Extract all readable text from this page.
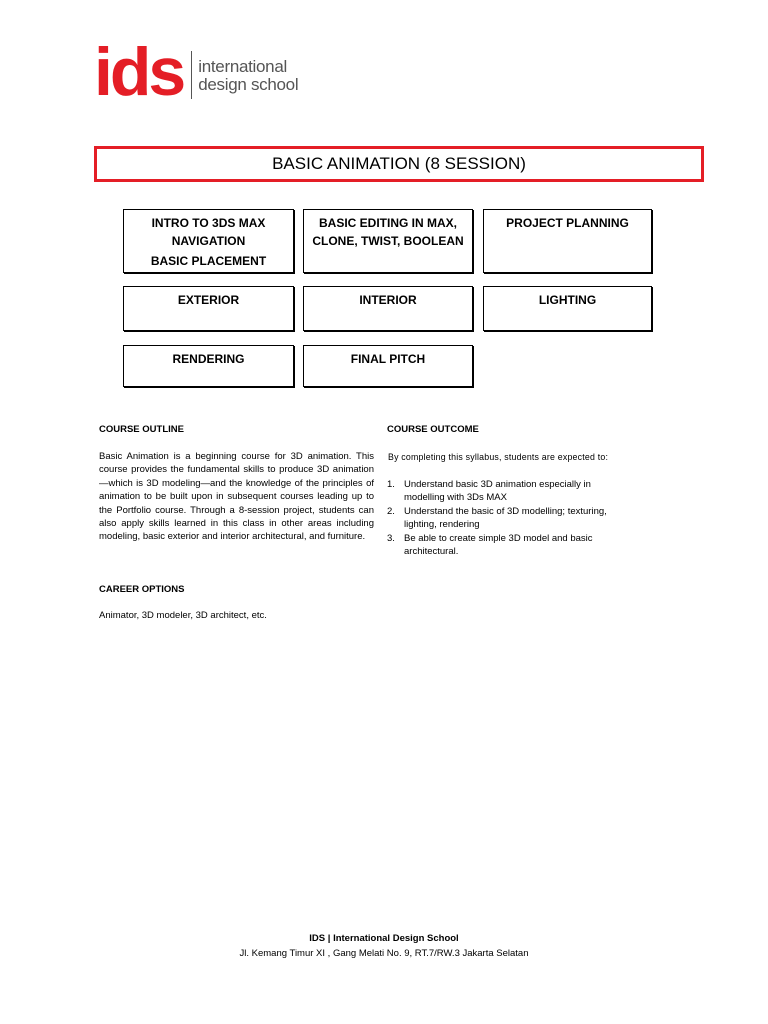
ids international
design school
BASIC ANIMATION (8 SESSION)
INTRO TO 3DS MAX
NAVIGATION
BASIC PLACEMENT
BASIC EDITING IN MAX,
CLONE, TWIST, BOOLEAN
PROJECT PLANNING
EXTERIOR	INTERIOR	LIGHTING
RENDERING	FINAL PITCH
COURSE OUTLINE
Basic Animation is a beginning course for 3D animation. This course provides the fundamental skills to produce 3D animation—which is 3D modeling—and the knowledge of the principles of animation to be built upon in subsequent courses leading up to the Portfolio course. Through a 8-session project, students can also apply skills learned in this class in other areas including modeling, basic exterior and interior architectural, and furniture.
COURSE OUTCOME
By completing this syllabus, students are expected to:
1. Understand basic 3D animation especially in modelling with 3Ds MAX
2. Understand the basic of 3D modelling; texturing, lighting, rendering
3. Be able to create simple 3D model and basic architectural.
CAREER OPTIONS
Animator, 3D modeler, 3D architect, etc.
IDS | International Design School
Jl. Kemang Timur XI , Gang Melati No. 9, RT.7/RW.3 Jakarta Selatan
